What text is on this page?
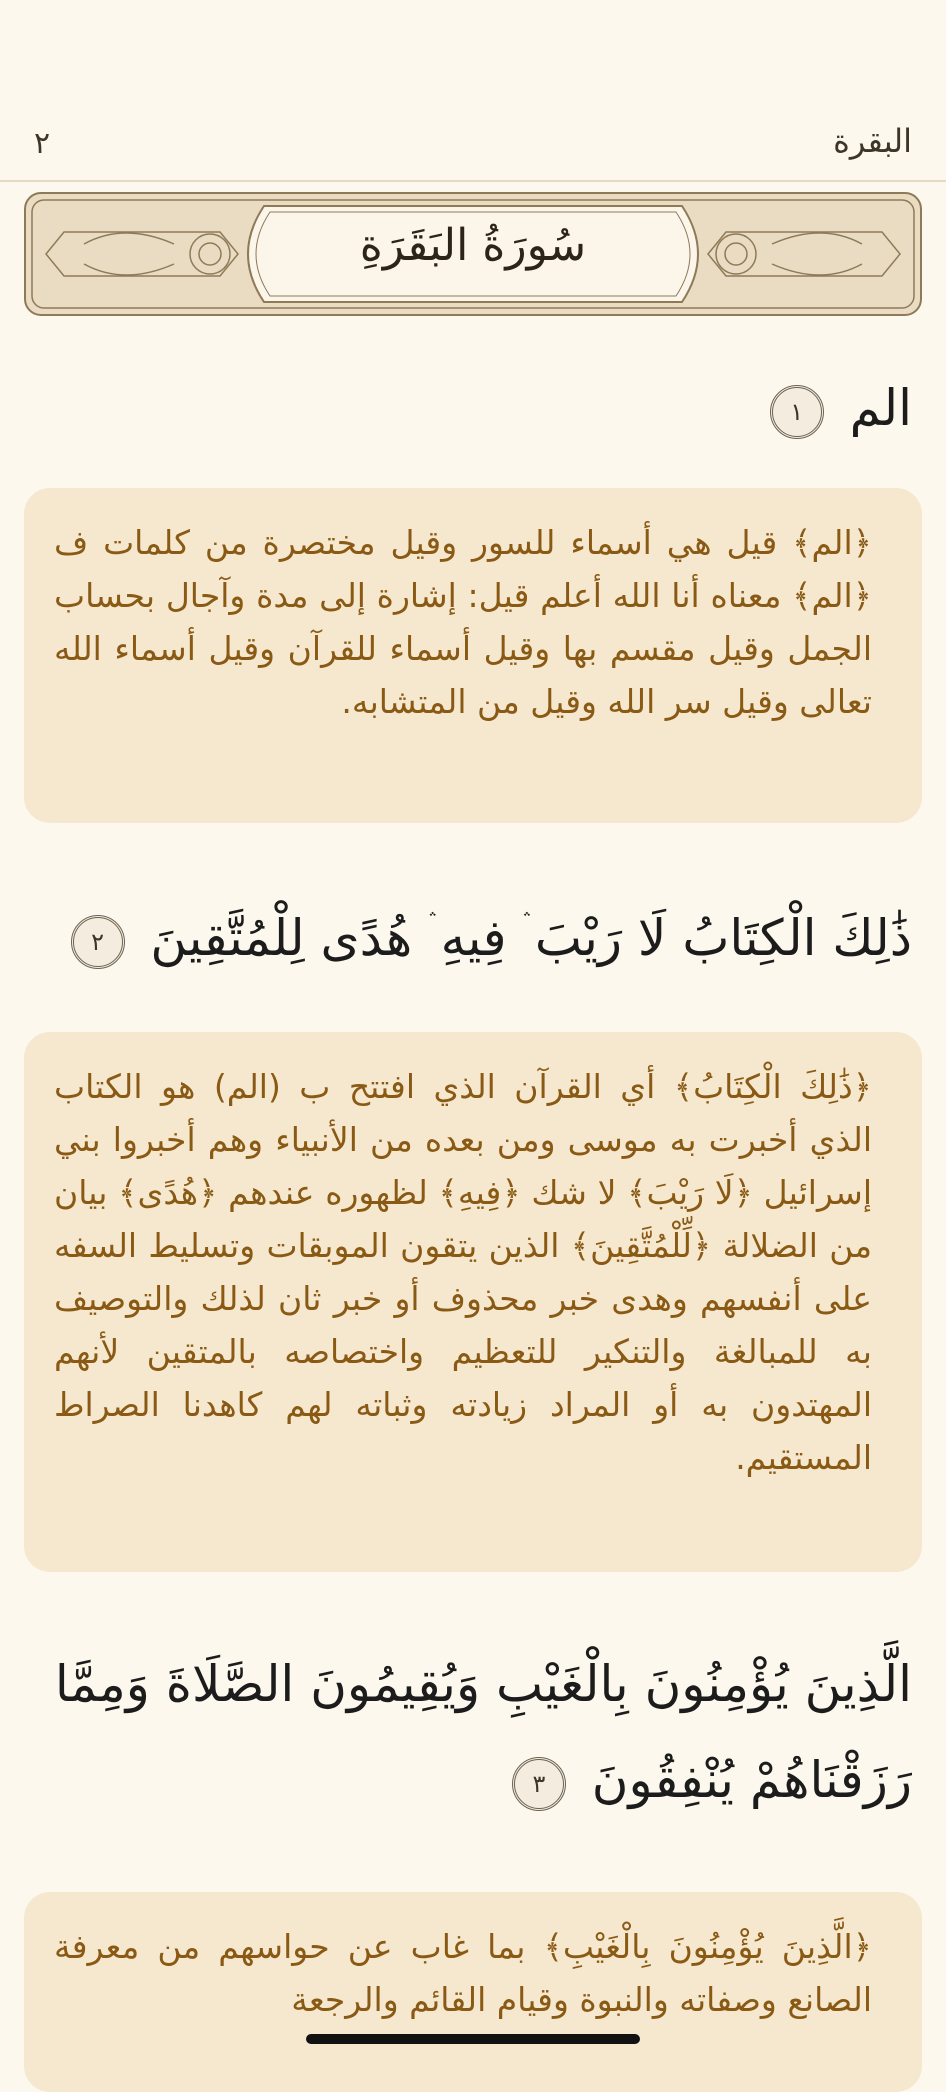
٢	البقرة
سُورَةُ البَقَرَةِ
الم ١
﴿الم﴾ قيل هي أسماء للسور وقيل مختصرة من كلمات ف ﴿الم﴾ معناه أنا الله أعلم قيل: إشارة إلى مدة وآجال بحساب الجمل وقيل مقسم بها وقيل أسماء للقرآن وقيل أسماء الله تعالى وقيل سر الله وقيل من المتشابه.
ذَٰلِكَ الْكِتَابُ لَا رَيْبَ ۛ فِيهِ ۛ هُدًى لِلْمُتَّقِينَ ٢
﴿ذَٰلِكَ الْكِتَابُ﴾ أي القرآن الذي افتتح ب (الم) هو الكتاب الذي أخبرت به موسى ومن بعده من الأنبياء وهم أخبروا بني إسرائيل ﴿لَا رَيْبَ﴾ لا شك ﴿فِيهِ﴾ لظهوره عندهم ﴿هُدًى﴾ بيان من الضلالة ﴿لِّلْمُتَّقِينَ﴾ الذين يتقون الموبقات وتسليط السفه على أنفسهم وهدى خبر محذوف أو خبر ثان لذلك والتوصيف به للمبالغة والتنكير للتعظيم واختصاصه بالمتقين لأنهم المهتدون به أو المراد زيادته وثباته لهم كاهدنا الصراط المستقيم.
الَّذِينَ يُؤْمِنُونَ بِالْغَيْبِ وَيُقِيمُونَ الصَّلَاةَ وَمِمَّا رَزَقْنَاهُمْ يُنْفِقُونَ ٣
﴿الَّذِينَ يُؤْمِنُونَ بِالْغَيْبِ﴾ بما غاب عن حواسهم من معرفة الصانع وصفاته والنبوة وقيام القائم والرجعة
